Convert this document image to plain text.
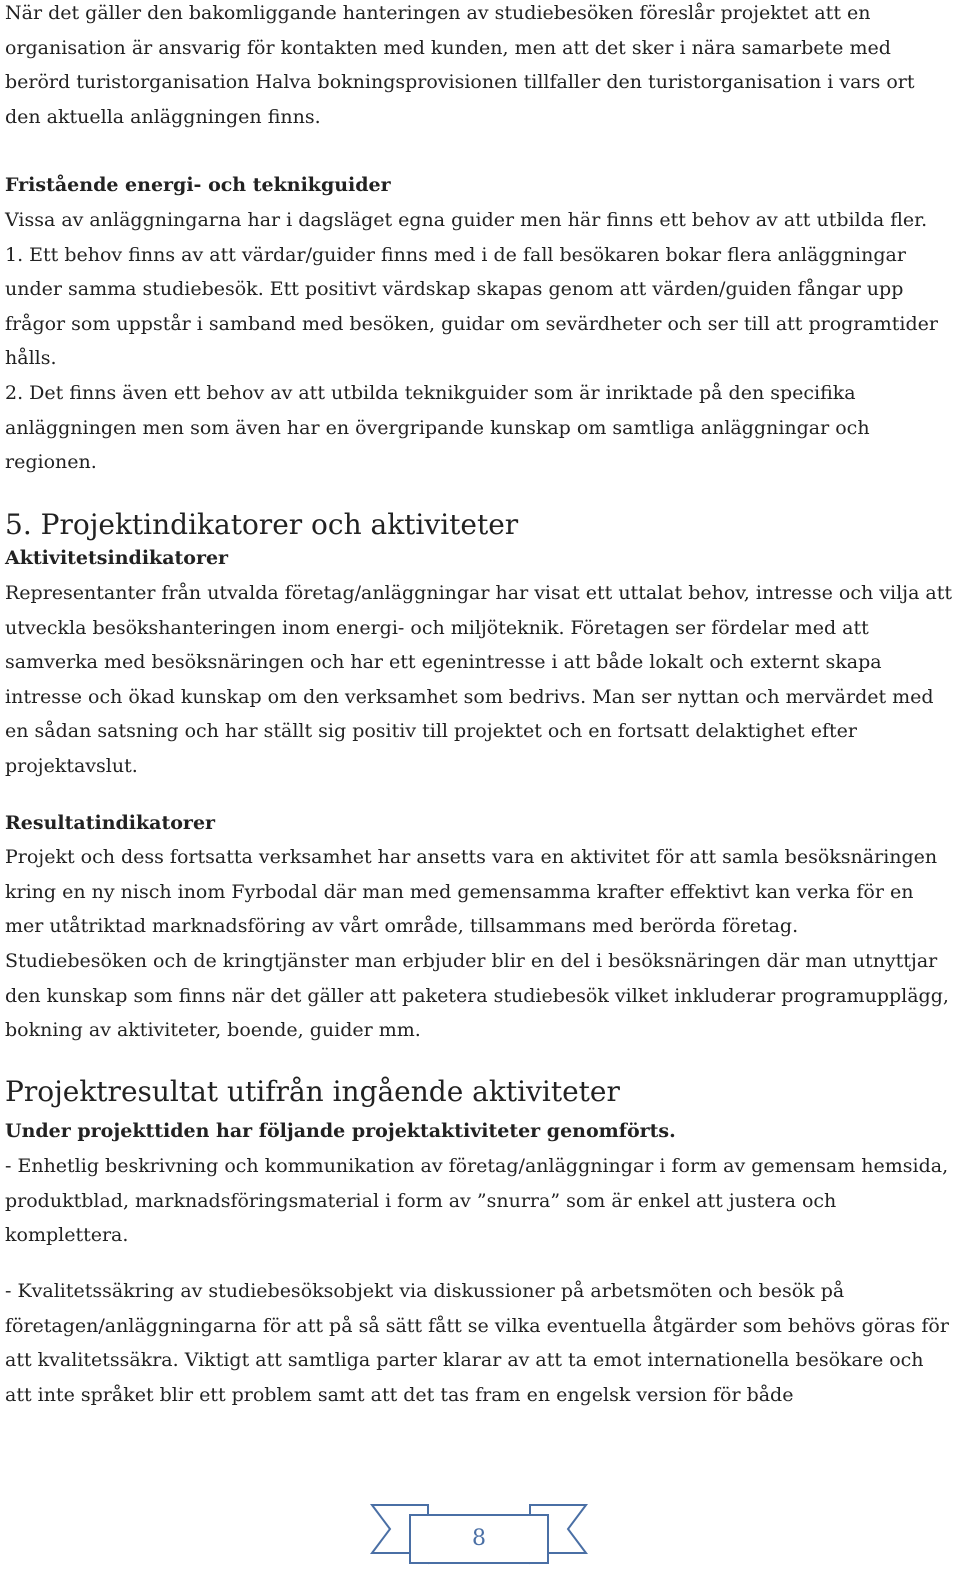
När det gäller den bakomliggande hanteringen av studiebesöken föreslår projektet att en organisation är ansvarig för kontakten med kunden, men att det sker i nära samarbete med berörd turistorganisation Halva bokningsprovisionen tillfaller den turistorganisation i vars ort den aktuella anläggningen finns.

Fristående energi- och teknikguider

Vissa av anläggningarna har i dagsläget egna guider men här finns ett behov av att utbilda fler.

1. Ett behov finns av att värdar/guider finns med i de fall besökaren bokar flera anläggningar under samma studiebesök. Ett positivt värdskap skapas genom att värden/guiden fångar upp frågor som uppstår i samband med besöken, guidar om sevärdheter och ser till att programtider hålls.

2. Det finns även ett behov av att utbilda teknikguider som är inriktade på den specifika anläggningen men som även har en övergripande kunskap om samtliga anläggningar och regionen.

5. Projektindikatorer och aktiviteter
Aktivitetsindikatorer

Representanter från utvalda företag/anläggningar har visat ett uttalat behov, intresse och vilja att utveckla besökshanteringen inom energi- och miljöteknik. Företagen ser fördelar med att samverka med besöksnäringen och har ett egenintresse i att både lokalt och externt skapa intresse och ökad kunskap om den verksamhet som bedrivs. Man ser nyttan och mervärdet med en sådan satsning och har ställt sig positiv till projektet och en fortsatt delaktighet efter projektavslut.

Resultatindikatorer

Projekt och dess fortsatta verksamhet har ansetts vara en aktivitet för att samla besöksnäringen kring en ny nisch inom Fyrbodal där man med gemensamma krafter effektivt kan verka för en mer utåtriktad marknadsföring av vårt område, tillsammans med berörda företag.

Studiebesöken och de kringtjänster man erbjuder blir en del i besöksnäringen där man utnyttjar den kunskap som finns när det gäller att paketera studiebesök vilket inkluderar programupplägg, bokning av aktiviteter, boende, guider mm.

Projektresultat utifrån ingående aktiviteter
Under projekttiden har följande projektaktiviteter genomförts.

- Enhetlig beskrivning och kommunikation av företag/anläggningar i form av gemensam hemsida, produktblad, marknadsföringsmaterial i form av ”snurra” som är enkel att justera och komplettera.

- Kvalitetssäkring av studiebesöksobjekt via diskussioner på arbetsmöten och besök på företagen/anläggningarna för att på så sätt fått se vilka eventuella åtgärder som behövs göras för att kvalitetssäkra. Viktigt att samtliga parter klarar av att ta emot internationella besökare och att inte språket blir ett problem samt att det tas fram en engelsk version för både

8
